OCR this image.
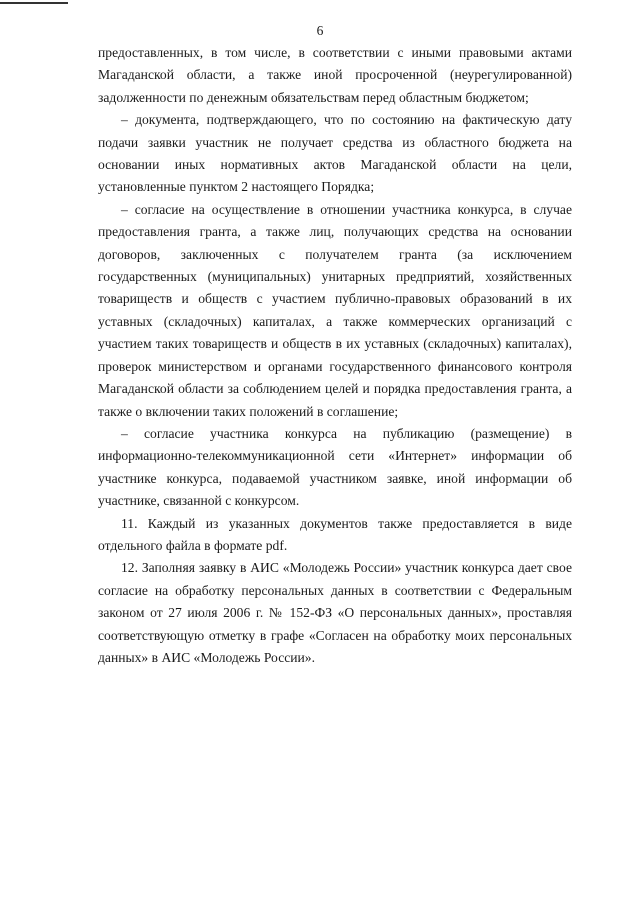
6

предоставленных, в том числе, в соответствии с иными правовыми актами Магаданской области, а также иной просроченной (неурегулированной) задолженности по денежным обязательствам перед областным бюджетом;

– документа, подтверждающего, что по состоянию на фактическую дату подачи заявки участник не получает средства из областного бюджета на основании иных нормативных актов Магаданской области на цели, установленные пунктом 2 настоящего Порядка;

– согласие на осуществление в отношении участника конкурса, в случае предоставления гранта, а также лиц, получающих средства на основании договоров, заключенных с получателем гранта (за исключением государственных (муниципальных) унитарных предприятий, хозяйственных товариществ и обществ с участием публично-правовых образований в их уставных (складочных) капиталах, а также коммерческих организаций с участием таких товариществ и обществ в их уставных (складочных) капиталах), проверок министерством и органами государственного финансового контроля Магаданской области за соблюдением целей и порядка предоставления гранта, а также о включении таких положений в соглашение;

– согласие участника конкурса на публикацию (размещение) в информационно-телекоммуникационной сети «Интернет» информации об участнике конкурса, подаваемой участником заявке, иной информации об участнике, связанной с конкурсом.

11. Каждый из указанных документов также предоставляется в виде отдельного файла в формате pdf.

12. Заполняя заявку в АИС «Молодежь России» участник конкурса дает свое согласие на обработку персональных данных в соответствии с Федеральным законом от 27 июля 2006 г. № 152-ФЗ «О персональных данных», проставляя соответствующую отметку в графе «Согласен на обработку моих персональных данных» в АИС «Молодежь России».
